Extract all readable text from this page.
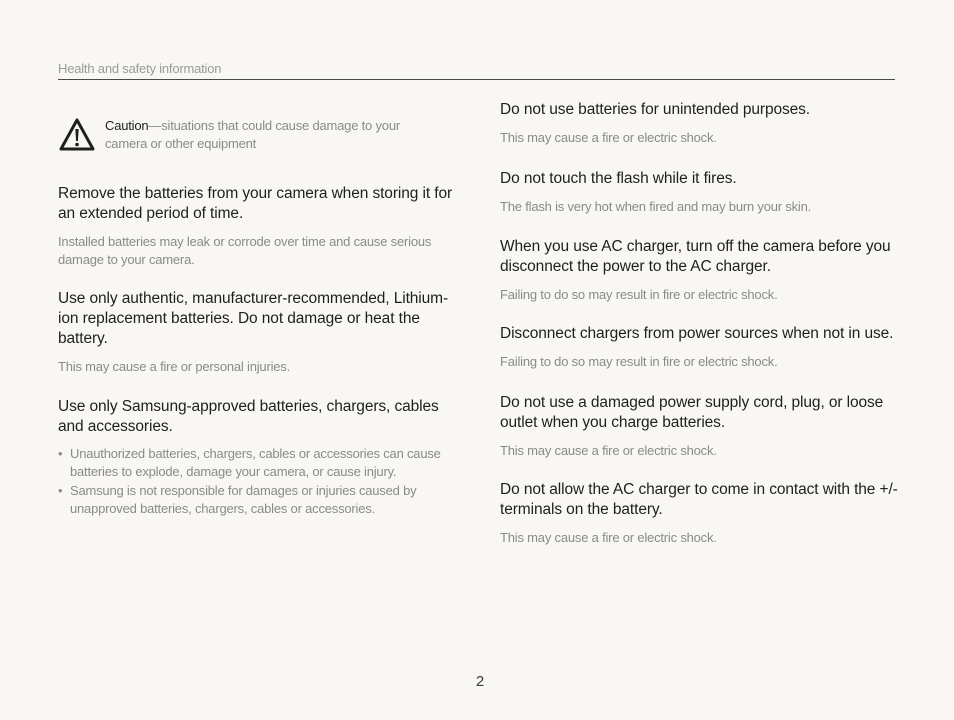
Health and safety information
Caution—situations that could cause damage to your camera or other equipment

Remove the batteries from your camera when storing it for an extended period of time.

Installed batteries may leak or corrode over time and cause serious damage to your camera.

Use only authentic, manufacturer-recommended, Lithium-ion replacement batteries. Do not damage or heat the battery.

This may cause a fire or personal injuries.

Use only Samsung-approved batteries, chargers, cables and accessories.

• Unauthorized batteries, chargers, cables or accessories can cause batteries to explode, damage your camera, or cause injury.
• Samsung is not responsible for damages or injuries caused by unapproved batteries, chargers, cables or accessories.

Do not use batteries for unintended purposes.

This may cause a fire or electric shock.

Do not touch the flash while it fires.

The flash is very hot when fired and may burn your skin.

When you use AC charger, turn off the camera before you disconnect the power to the AC charger.

Failing to do so may result in fire or electric shock.

Disconnect chargers from power sources when not in use.

Failing to do so may result in fire or electric shock.

Do not use a damaged power supply cord, plug, or loose outlet when you charge batteries.

This may cause a fire or electric shock.

Do not allow the AC charger to come in contact with the +/- terminals on the battery.

This may cause a fire or electric shock.

2
